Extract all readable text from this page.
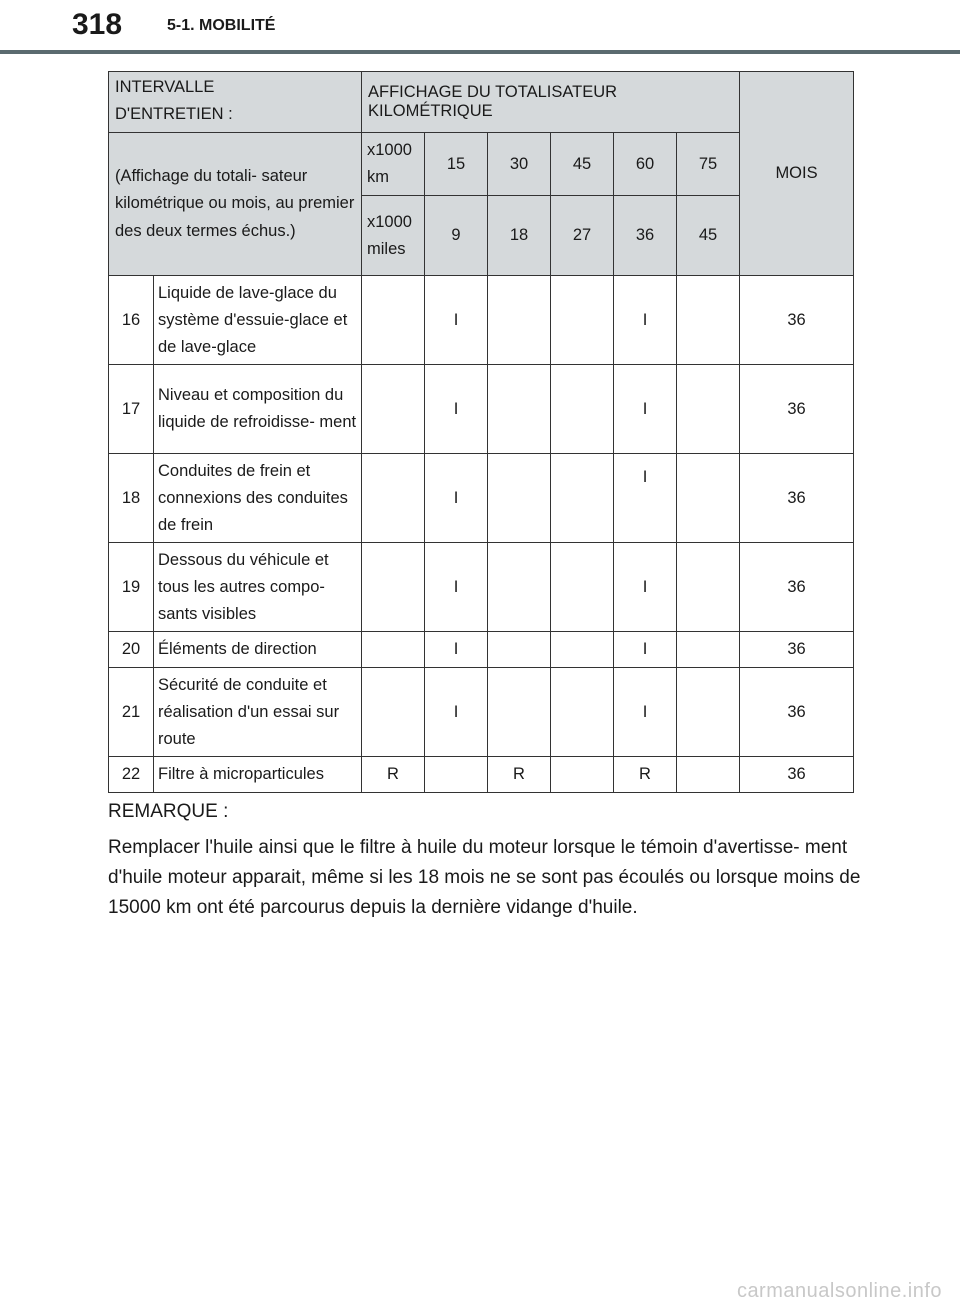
318	5-1. MOBILITÉ
INTERVALLE D'ENTRETIEN :		AFFICHAGE DU TOTALISATEUR KILOMÉTRIQUE						MOIS

(Affichage du totali- sateur kilométrique ou mois, au premier des deux termes échus.)		x1000 km	15	30	45	60	75	

		x1000 miles	9	18	27	36	45	
16	Liquide de lave-glace du système d'essuie-glace et de lave-glace		I			I		36
17	Niveau et composition du liquide de refroidisse- ment		I			I		36
18	Conduites de frein et connexions des conduites de frein		I			I		36
19	Dessous du véhicule et tous les autres compo- sants visibles		I			I		36
20	Éléments de direction		I			I		36
21	Sécurité de conduite et réalisation d'un essai sur route		I			I		36
22	Filtre à microparticules	R		R		R		36

REMARQUE :

Remplacer l'huile ainsi que le filtre à huile du moteur lorsque le témoin d'avertisse- ment d'huile moteur apparait, même si les 18 mois ne se sont pas écoulés ou lorsque moins de 15000 km ont été parcourus depuis la dernière vidange d'huile.

carmanualsonline.info
